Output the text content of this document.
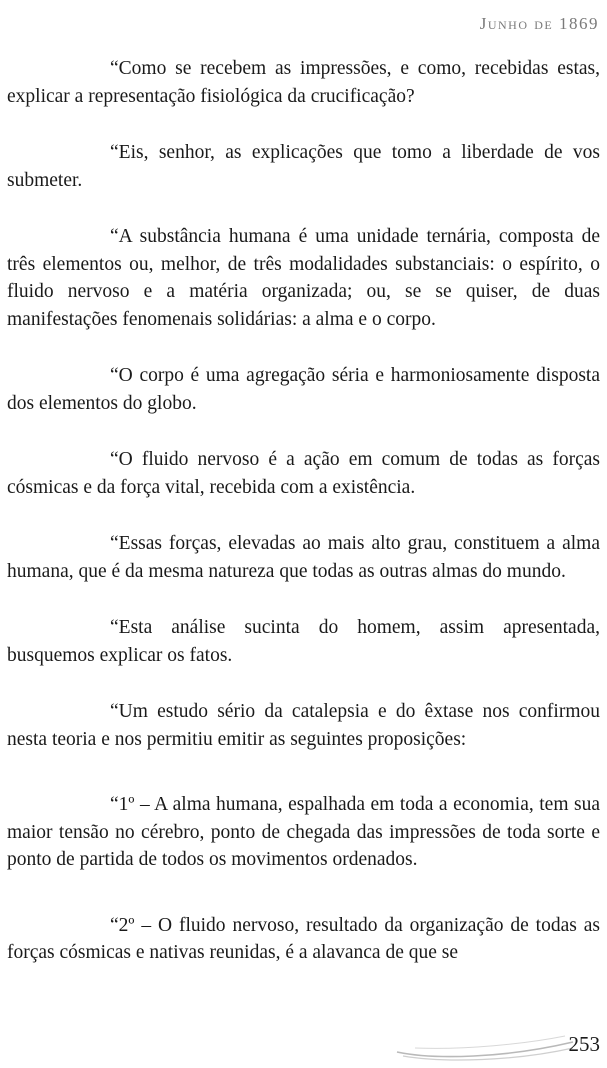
Junho de 1869

“Como se recebem as impressões, e como, recebidas estas, explicar a representação fisiológica da crucificação?

“Eis, senhor, as explicações que tomo a liberdade de vos submeter.

“A substância humana é uma unidade ternária, composta de três elementos ou, melhor, de três modalidades substanciais: o espírito, o fluido nervoso e a matéria organizada; ou, se se quiser, de duas manifestações fenomenais solidárias: a alma e o corpo.

“O corpo é uma agregação séria e harmoniosamente disposta dos elementos do globo.

“O fluido nervoso é a ação em comum de todas as forças cósmicas e da força vital, recebida com a existência.

“Essas forças, elevadas ao mais alto grau, constituem a alma humana, que é da mesma natureza que todas as outras almas do mundo.

“Esta análise sucinta do homem, assim apresentada, busquemos explicar os fatos.

“Um estudo sério da catalepsia e do êxtase nos confirmou nesta teoria e nos permitiu emitir as seguintes proposições:

“1º – A alma humana, espalhada em toda a economia, tem sua maior tensão no cérebro, ponto de chegada das impressões de toda sorte e ponto de partida de todos os movimentos ordenados.

“2º – O fluido nervoso, resultado da organização de todas as forças cósmicas e nativas reunidas, é a alavanca de que se

253
